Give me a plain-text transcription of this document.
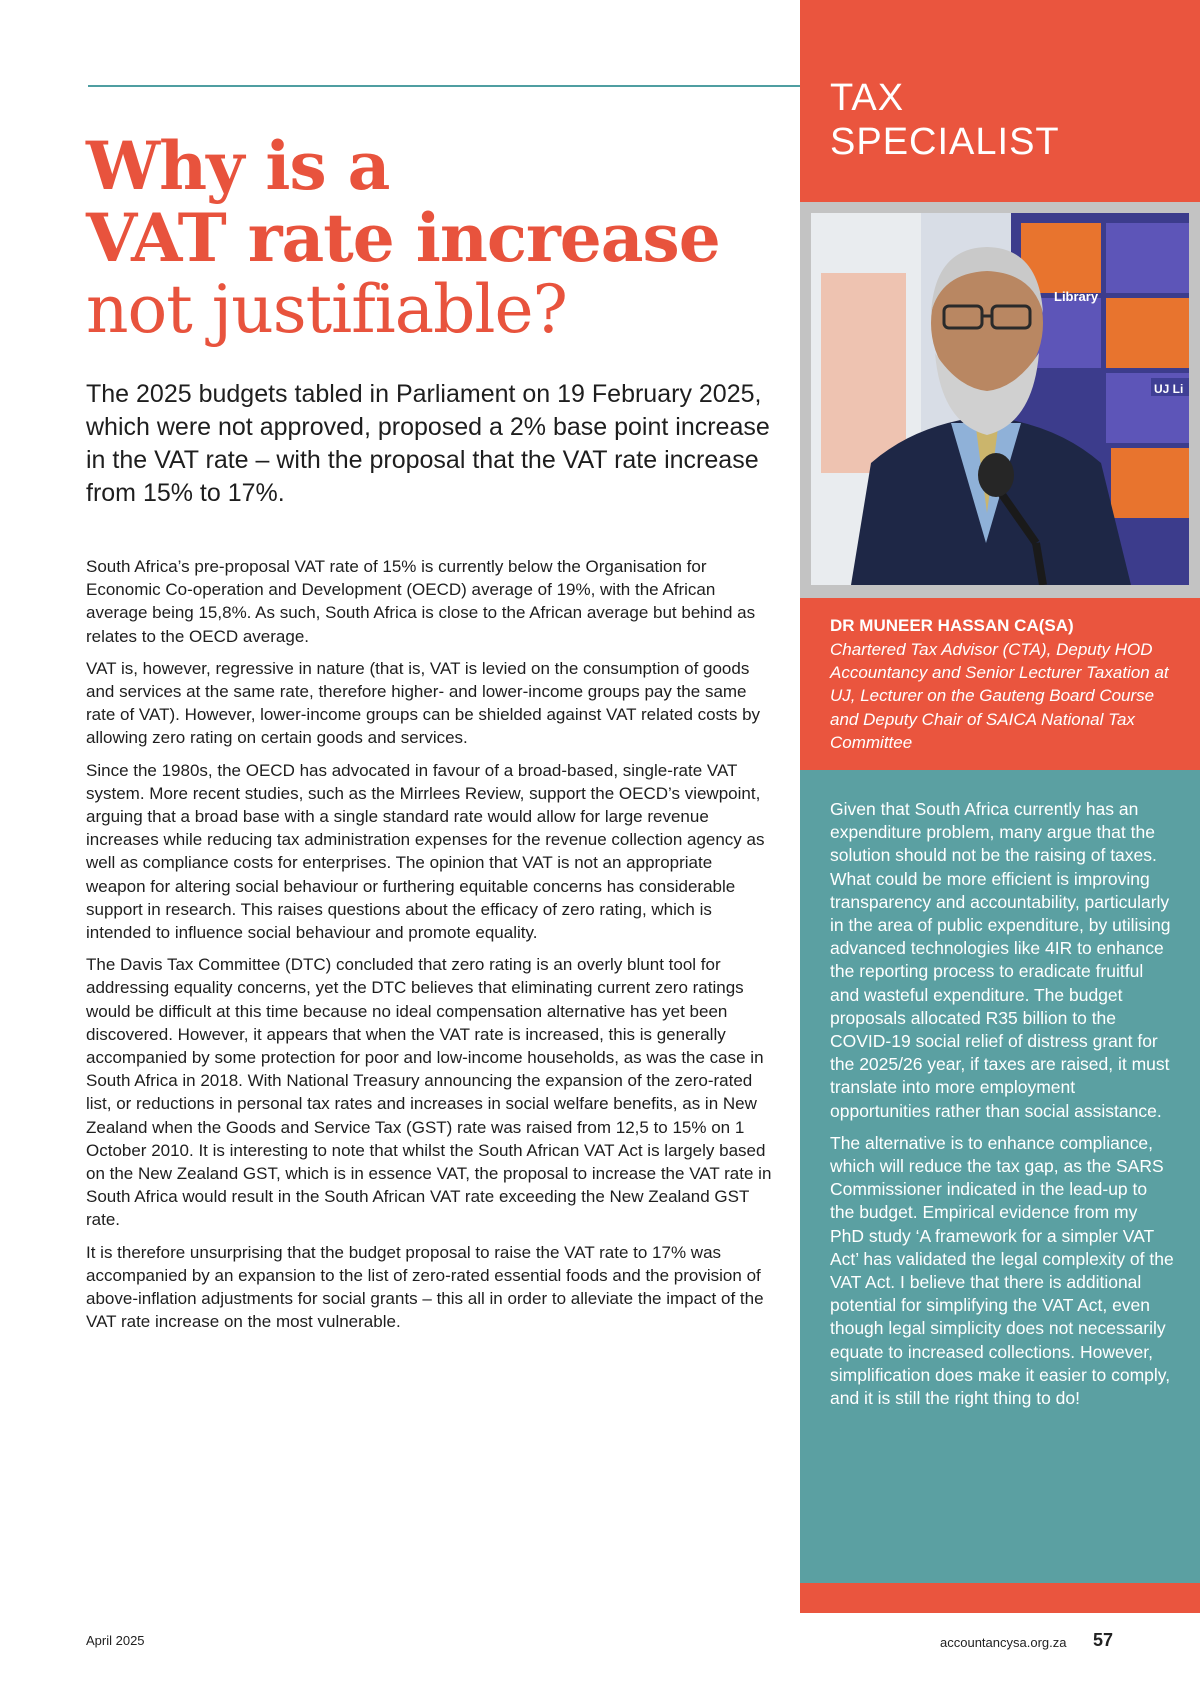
Why is a
VAT rate increase
not justifiable?

The 2025 budgets tabled in Parliament on 19 February 2025, which were not approved, proposed a 2% base point increase in the VAT rate – with the proposal that the VAT rate increase from 15% to 17%.

South Africa’s pre-proposal VAT rate of 15% is currently below the Organisation for Economic Co-operation and Development (OECD) average of 19%, with the African average being 15,8%. As such, South Africa is close to the African average but behind as relates to the OECD average.

VAT is, however, regressive in nature (that is, VAT is levied on the consumption of goods and services at the same rate, therefore higher- and lower-income groups pay the same rate of VAT). However, lower-income groups can be shielded against VAT related costs by allowing zero rating on certain goods and services.

Since the 1980s, the OECD has advocated in favour of a broad-based, single-rate VAT system. More recent studies, such as the Mirrlees Review, support the OECD’s viewpoint, arguing that a broad base with a single standard rate would allow for large revenue increases while reducing tax administration expenses for the revenue collection agency as well as compliance costs for enterprises. The opinion that VAT is not an appropriate weapon for altering social behaviour or furthering equitable concerns has considerable support in research. This raises questions about the efficacy of zero rating, which is intended to influence social behaviour and promote equality.

The Davis Tax Committee (DTC) concluded that zero rating is an overly blunt tool for addressing equality concerns, yet the DTC believes that eliminating current zero ratings would be difficult at this time because no ideal compensation alternative has yet been discovered. However, it appears that when the VAT rate is increased, this is generally accompanied by some protection for poor and low-income households, as was the case in South Africa in 2018. With National Treasury announcing the expansion of the zero-rated list, or reductions in personal tax rates and increases in social welfare benefits, as in New Zealand when the Goods and Service Tax (GST) rate was raised from 12,5 to 15% on 1 October 2010. It is interesting to note that whilst the South African VAT Act is largely based on the New Zealand GST, which is in essence VAT, the proposal to increase the VAT rate in South Africa would result in the South African VAT rate exceeding the New Zealand GST rate.

It is therefore unsurprising that the budget proposal to raise the VAT rate to 17% was accompanied by an expansion to the list of zero-rated essential foods and the provision of above-inflation adjustments for social grants – this all in order to alleviate the impact of the VAT rate increase on the most vulnerable.

TAX
SPECIALIST
Library
UJ Li
DR MUNEER HASSAN CA(SA)
Chartered Tax Advisor (CTA), Deputy HOD Accountancy and Senior Lecturer Taxation at UJ, Lecturer on the Gauteng Board Course and Deputy Chair of SAICA National Tax Committee

Given that South Africa currently has an expenditure problem, many argue that the solution should not be the raising of taxes. What could be more efficient is improving transparency and accountability, particularly in the area of public expenditure, by utilising advanced technologies like 4IR to enhance the reporting process to eradicate fruitful and wasteful expenditure. The budget proposals allocated R35 billion to the COVID-19 social relief of distress grant for the 2025/26 year, if taxes are raised, it must translate into more employment opportunities rather than social assistance.

The alternative is to enhance compliance, which will reduce the tax gap, as the SARS Commissioner indicated in the lead-up to the budget. Empirical evidence from my PhD study ‘A framework for a simpler VAT Act’ has validated the legal complexity of the VAT Act. I believe that there is additional potential for simplifying the VAT Act, even though legal simplicity does not necessarily equate to increased collections. However, simplification does make it easier to comply, and it is still the right thing to do!

April 2025	accountancysa.org.za 57
